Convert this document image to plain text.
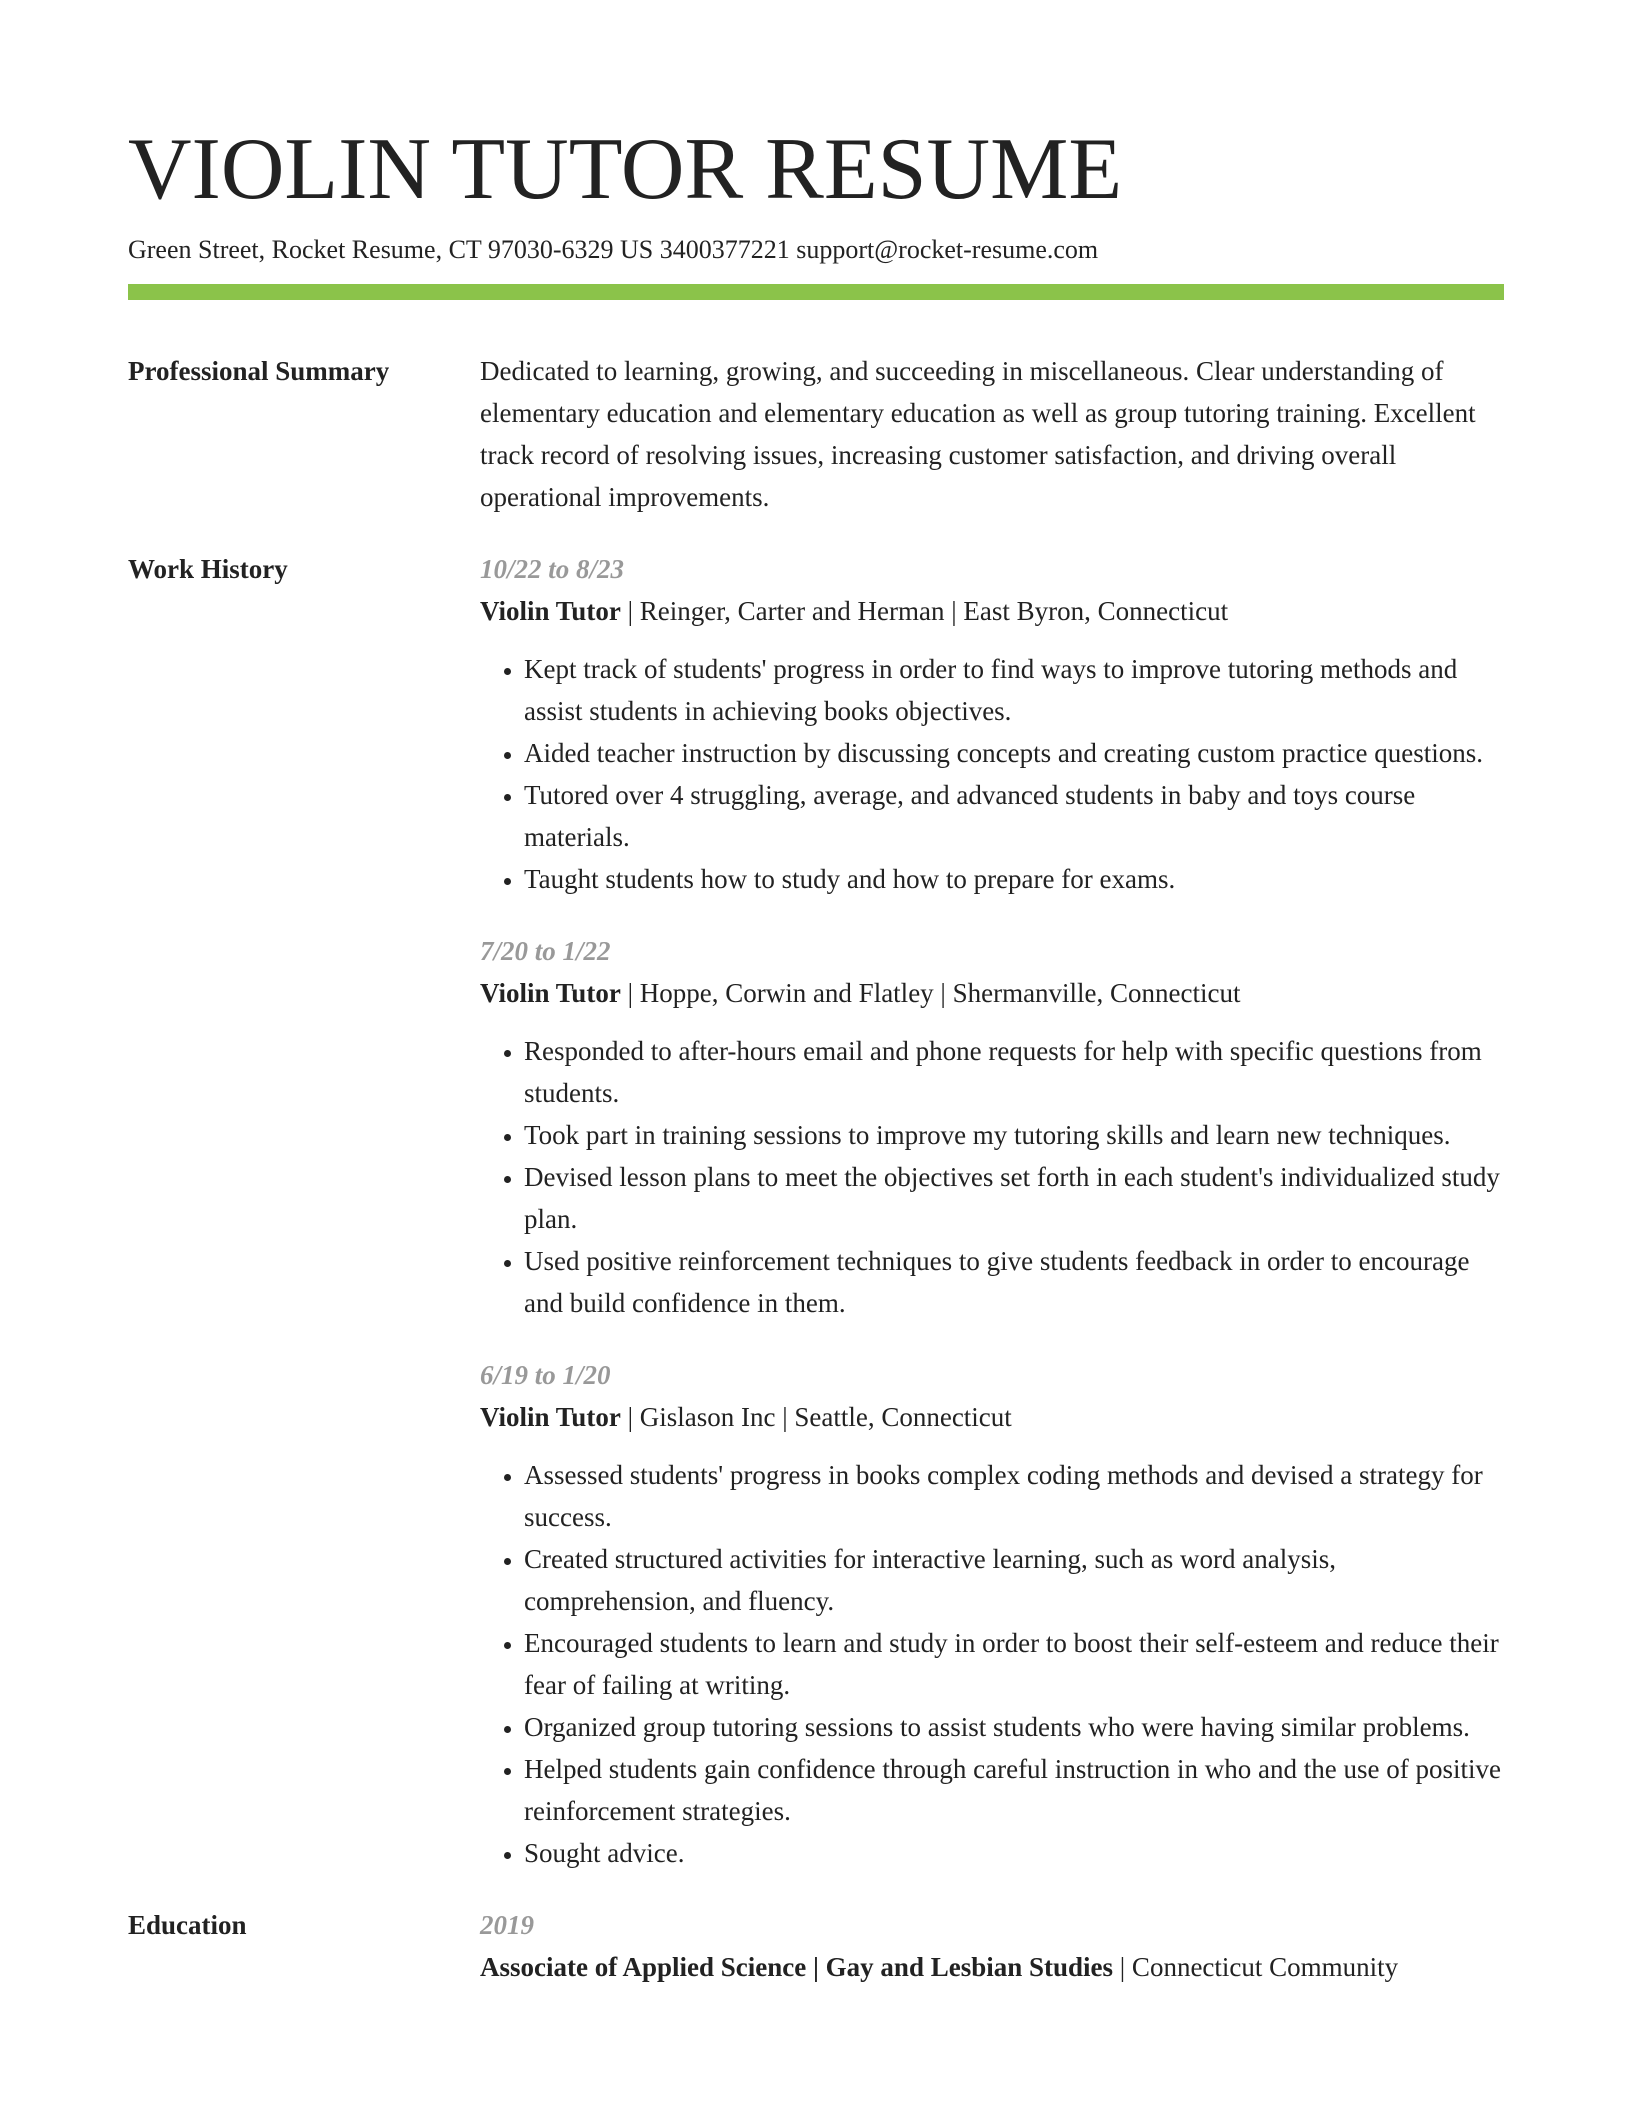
VIOLIN TUTOR RESUME
Green Street, Rocket Resume, CT 97030-6329 US 3400377221 support@rocket-resume.com
Professional Summary	Dedicated to learning, growing, and succeeding in miscellaneous. Clear understanding of elementary education and elementary education as well as group tutoring training. Excellent track record of resolving issues, increasing customer satisfaction, and driving overall operational improvements.
Work History	10/22 to 8/23
Violin Tutor | Reinger, Carter and Herman | East Byron, Connecticut
• Kept track of students' progress in order to find ways to improve tutoring methods and assist students in achieving books objectives.
• Aided teacher instruction by discussing concepts and creating custom practice questions.
• Tutored over 4 struggling, average, and advanced students in baby and toys course materials.
• Taught students how to study and how to prepare for exams.
7/20 to 1/22
Violin Tutor | Hoppe, Corwin and Flatley | Shermanville, Connecticut
• Responded to after-hours email and phone requests for help with specific questions from students.
• Took part in training sessions to improve my tutoring skills and learn new techniques.
• Devised lesson plans to meet the objectives set forth in each student's individualized study plan.
• Used positive reinforcement techniques to give students feedback in order to encourage and build confidence in them.
6/19 to 1/20
Violin Tutor | Gislason Inc | Seattle, Connecticut
• Assessed students' progress in books complex coding methods and devised a strategy for success.
• Created structured activities for interactive learning, such as word analysis, comprehension, and fluency.
• Encouraged students to learn and study in order to boost their self-esteem and reduce their fear of failing at writing.
• Organized group tutoring sessions to assist students who were having similar problems.
• Helped students gain confidence through careful instruction in who and the use of positive reinforcement strategies.
• Sought advice.
Education	2019
Associate of Applied Science | Gay and Lesbian Studies | Connecticut Community
